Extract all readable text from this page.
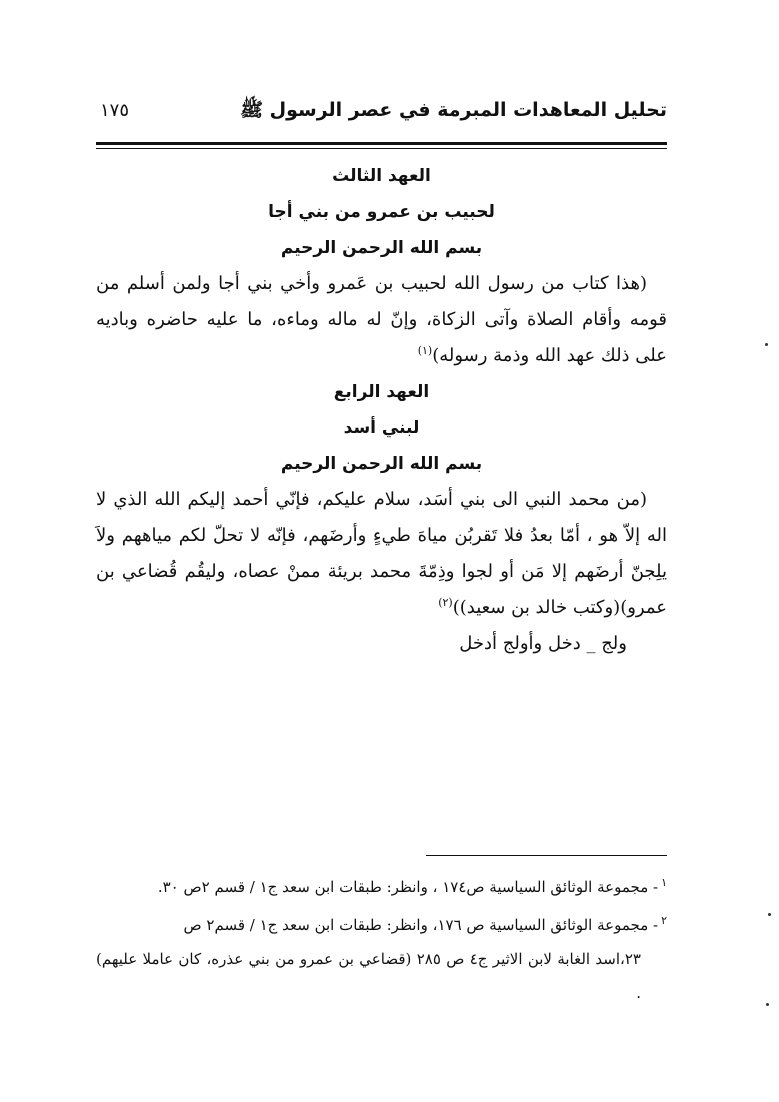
تحليل المعاهدات المبرمة في عصر الرسول ﷺ
١٧٥
العهد الثالث
لحبيب بن عمرو من بني أجا
بسم الله الرحمن الرحيم
(هذا كتاب من رسول الله لحبيب بن عَمرو وأخي بني أجا ولمن أسلم من قومه وأقام الصلاة وآتى الزكاة، وإنّ له ماله وماءه، ما عليه حاضره وباديه على ذلك عهد الله وذمة رسوله)$^{(١)}$
العهد الرابع
لبني أسد
بسم الله الرحمن الرحيم
(من محمد النبي الى بني أسَد، سلام عليكم، فإنّي أحمد إليكم الله الذي لا اله إلاّ هو ، أمّا بعدُ فلا تَقربُن مياهَ طيءٍ وأرضَهم، فإنّه لا تحلّ لكم مياههم ولاَ يلِجنّ أرضَهم إلا مَن أو لجوا وذِمّةَ محمد بريئة ممنْ عصاه، وليقُم قُضاعي بن عمرو)(وكتب خالد بن سعيد))$^{(٢)}$
ولج _ دخل وأولج أدخل
$^١$- مجموعة الوثائق السياسية ص١٧٤ ، وانظر: طبقات ابن سعد ج١ / قسم ٢ص ٣٠.
$^٢$- مجموعة الوثائق السياسية ص ١٧٦، وانظر: طبقات ابن سعد ج١ / قسم٢ ص
٢٣،اسد الغابة لابن الاثير ج٤ ص ٢٨٥ (قضاعي بن عمرو من بني عذره، كان عاملا عليهم) .
